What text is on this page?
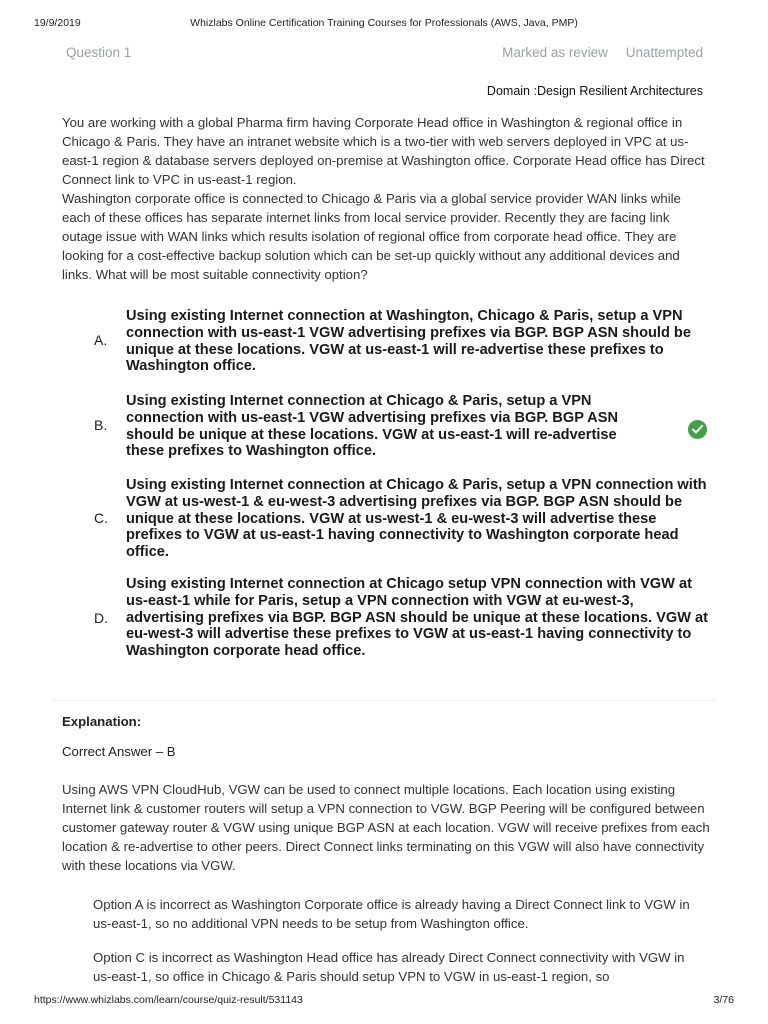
19/9/2019	Whizlabs Online Certification Training Courses for Professionals (AWS, Java, PMP)
Question 1	Marked as review Unattempted
Domain :Design Resilient Architectures

You are working with a global Pharma firm having Corporate Head office in Washington & regional office in Chicago & Paris. They have an intranet website which is a two-tier with web servers deployed in VPC at us-east-1 region & database servers deployed on-premise at Washington office. Corporate Head office has Direct Connect link to VPC in us-east-1 region.

Washington corporate office is connected to Chicago & Paris via a global service provider WAN links while each of these offices has separate internet links from local service provider. Recently they are facing link outage issue with WAN links which results isolation of regional office from corporate head office. They are looking for a cost-effective backup solution which can be set-up quickly without any additional devices and links. What will be most suitable connectivity option?

A.
Using existing Internet connection at Washington, Chicago & Paris, setup a VPN connection with us-east-1 VGW advertising prefixes via BGP. BGP ASN should be unique at these locations. VGW at us-east-1 will re-advertise these prefixes to Washington office.
B.
Using existing Internet connection at Chicago & Paris, setup a VPN connection with us-east-1 VGW advertising prefixes via BGP. BGP ASN should be unique at these locations. VGW at us-east-1 will re-advertise these prefixes to Washington office.
C.
Using existing Internet connection at Chicago & Paris, setup a VPN connection with VGW at us-west-1 & eu-west-3 advertising prefixes via BGP. BGP ASN should be unique at these locations. VGW at us-west-1 & eu-west-3 will advertise these prefixes to VGW at us-east-1 having connectivity to Washington corporate head office.
D.
Using existing Internet connection at Chicago setup VPN connection with VGW at us-east-1 while for Paris, setup a VPN connection with VGW at eu-west-3, advertising prefixes via BGP. BGP ASN should be unique at these locations. VGW at eu-west-3 will advertise these prefixes to VGW at us-east-1 having connectivity to Washington corporate head office.
Explanation:
Correct Answer – B

Using AWS VPN CloudHub, VGW can be used to connect multiple locations. Each location using existing Internet link & customer routers will setup a VPN connection to VGW. BGP Peering will be configured between customer gateway router & VGW using unique BGP ASN at each location. VGW will receive prefixes from each location & re-advertise to other peers. Direct Connect links terminating on this VGW will also have connectivity with these locations via VGW.

Option A is incorrect as Washington Corporate office is already having a Direct Connect link to VGW in us-east-1, so no additional VPN needs to be setup from Washington office.

Option C is incorrect as Washington Head office has already Direct Connect connectivity with VGW in us-east-1, so office in Chicago & Paris should setup VPN to VGW in us-east-1 region, so

https://www.whizlabs.com/learn/course/quiz-result/531143	3/76
